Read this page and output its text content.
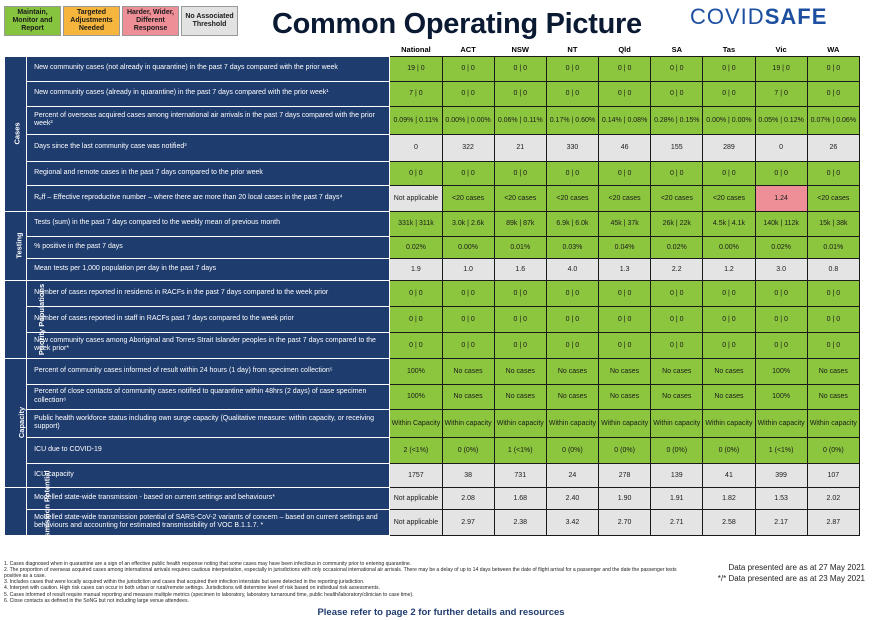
Maintain, Monitor and Report
Targeted Adjustments Needed
Harder, Wider, Different Response
No Associated Threshold	Common Operating Picture COVIDSAFE
		National	ACT	NSW	NT	Qld	SA	Tas	Vic	WA
Cases	New community cases (not already in quarantine) in the past 7 days compared with the prior week	19 | 0	0 | 0	0 | 0	0 | 0	0 | 0	0 | 0	0 | 0	19 | 0	0 | 0
	New community cases (already in quarantine) in the past 7 days compared with the prior week¹	7 | 0	0 | 0	0 | 0	0 | 0	0 | 0	0 | 0	0 | 0	7 | 0	0 | 0
	Percent of overseas acquired cases among international air arrivals in the past 7 days compared with the prior week²	0.09% | 0.11%	0.00% | 0.00%	0.06% | 0.11%	0.17% | 0.60%	0.14% | 0.08%	0.28% | 0.15%	0.00% | 0.00%	0.05% | 0.12%	0.07% | 0.06%
	Days since the last community case was notified³	0	322	21	330	46	155	289	0	26
	Regional and remote cases in the past 7 days compared to the prior week	0 | 0	0 | 0	0 | 0	0 | 0	0 | 0	0 | 0	0 | 0	0 | 0	0 | 0
	Rₑff – Effective reproductive number – where there are more than 20 local cases in the past 7 days⁴	Not applicable	<20 cases	<20 cases	<20 cases	<20 cases	<20 cases	<20 cases	1.24	<20 cases
Testing	Tests (sum) in the past 7 days compared to the weekly mean of previous month	331k | 311k	3.0k | 2.6k	89k | 87k	6.9k | 6.0k	45k | 37k	26k | 22k	4.5k | 4.1k	140k | 112k	15k | 38k
	% positive in the past 7 days	0.02%	0.00%	0.01%	0.03%	0.04%	0.02%	0.00%	0.02%	0.01%
	Mean tests per 1,000 population per day in the past 7 days	1.9	1.0	1.6	4.0	1.3	2.2	1.2	3.0	0.8
Priority Populations	Number of cases reported in residents in RACFs in the past 7 days compared to the week prior	0 | 0	0 | 0	0 | 0	0 | 0	0 | 0	0 | 0	0 | 0	0 | 0	0 | 0
	Number of cases reported in staff in RACFs past 7 days compared to the week prior	0 | 0	0 | 0	0 | 0	0 | 0	0 | 0	0 | 0	0 | 0	0 | 0	0 | 0
	New community cases among Aboriginal and Torres Strait Islander peoples in the past 7 days compared to the week prior*	0 | 0	0 | 0	0 | 0	0 | 0	0 | 0	0 | 0	0 | 0	0 | 0	0 | 0
Capacity	Percent of community cases informed of result within 24 hours (1 day) from specimen collection⁵	100%	No cases	No cases	No cases	No cases	No cases	No cases	100%	No cases
	Percent of close contacts of community cases notified to quarantine within 48hrs (2 days) of case specimen collection⁶	100%	No cases	No cases	No cases	No cases	No cases	No cases	100%	No cases
	Public health workforce status including own surge capacity (Qualitative measure: within capacity, or receiving support)	Within Capacity	Within capacity	Within capacity	Within capacity	Within capacity	Within capacity	Within capacity	Within capacity	Within capacity
	ICU due to COVID-19	2 (<1%)	0 (0%)	1 (<1%)	0 (0%)	0 (0%)	0 (0%)	0 (0%)	1 (<1%)	0 (0%)
	ICU capacity	1757	38	731	24	278	139	41	399	107
Transmission Potential	Modelled state-wide transmission - based on current settings and behaviours*	Not applicable	2.08	1.68	2.40	1.90	1.91	1.82	1.53	2.02
	Modelled state-wide transmission potential of SARS-CoV-2 variants of concern – based on current settings and behaviours and accounting for estimated transmissibility of VOC B.1.1.7. *	Not applicable	2.97	2.38	3.42	2.70	2.71	2.58	2.17	2.87
1. Cases diagnosed when in quarantine are a sign of an effective public health response noting that some cases may have been infectious in community prior to entering quarantine.
2. The proportion of overseas acquired cases among international arrivals requires cautious interpretation, especially in jurisdictions with only occasional international air arrivals. There may be a delay of up to 14 days between the date of flight arrival for a passenger and the date the passenger tests positive as a case.
3. Includes cases that were locally acquired within the jurisdiction and cases that acquired their infection interstate but were detected in the reporting jurisdiction.
4. Interpret with caution. High risk cases can occur in both urban or rural/remote settings. Jurisdictions will determine level of risk based on individual risk assessments.
5. Cases informed of result require manual reporting and measure multiple metrics (specimen to laboratory, laboratory turnaround time, public health/laboratory/clinician to case time).
6. Close contacts as defined in the SoNG but not including large venue attendees.
Data presented are as at 27 May 2021
*/* Data presented are as at 23 May 2021
Please refer to page 2 for further details and resources
